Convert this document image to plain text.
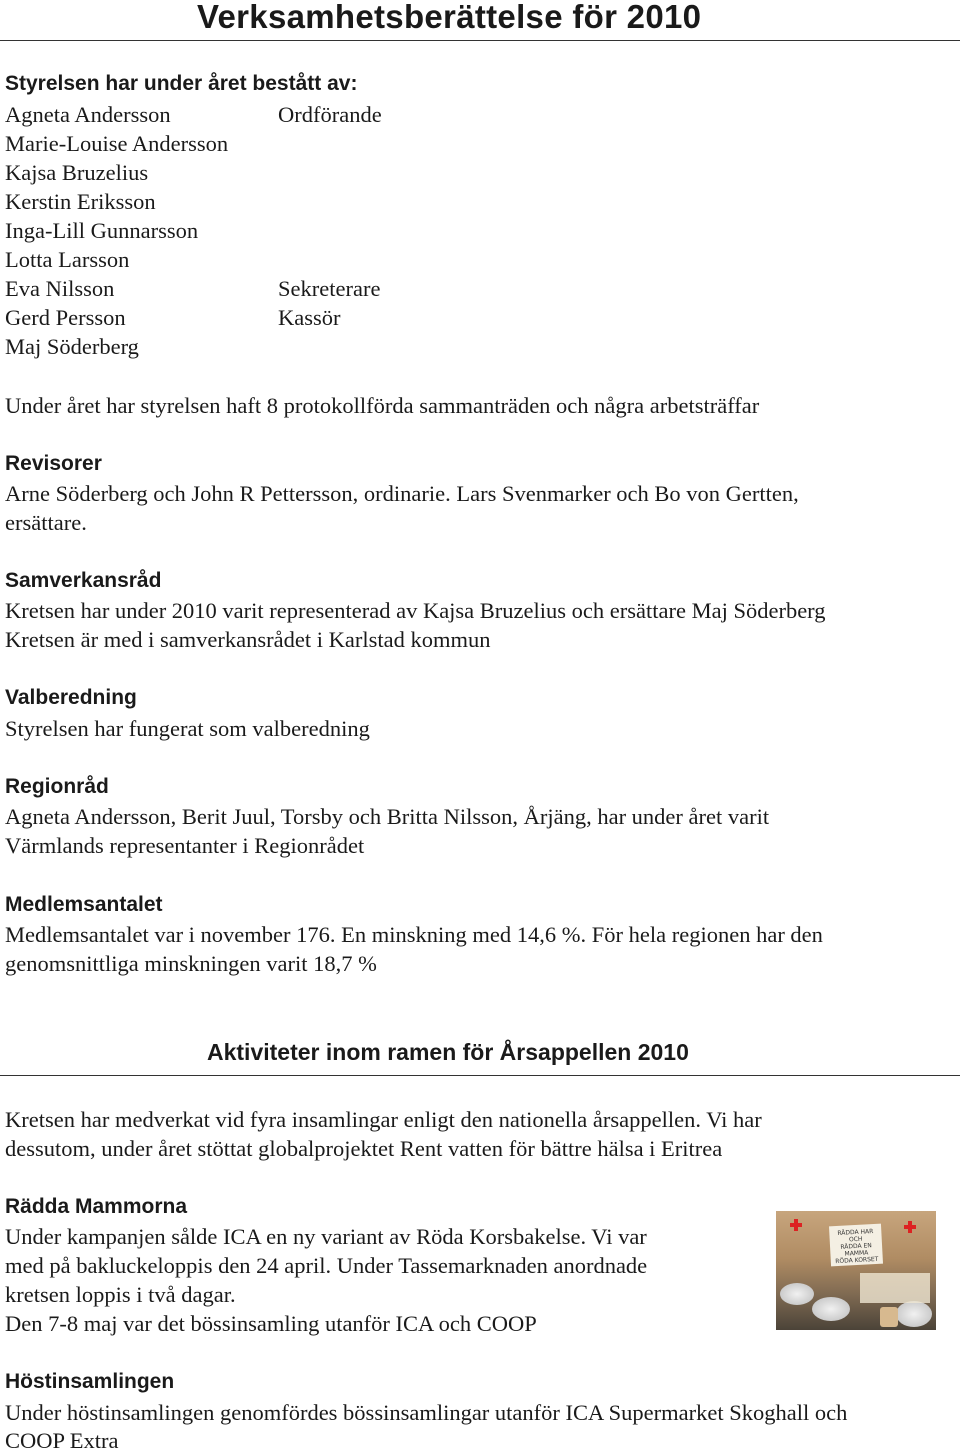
Verksamhetsberättelse för 2010
Styrelsen har under året bestått av:
Agneta Andersson	Ordförande
Marie-Louise Andersson
Kajsa Bruzelius
Kerstin Eriksson
Inga-Lill Gunnarsson
Lotta Larsson
Eva Nilsson	Sekreterare
Gerd Persson	Kassör
Maj Söderberg
Under året har styrelsen haft 8 protokollförda sammanträden och några arbetsträffar
Revisorer
Arne Söderberg och John R Pettersson, ordinarie. Lars Svenmarker och Bo von Gertten,
ersättare.
Samverkansråd
Kretsen har under 2010 varit representerad av Kajsa Bruzelius och ersättare Maj Söderberg
Kretsen är med i samverkansrådet i Karlstad kommun
Valberedning
Styrelsen har fungerat som valberedning
Regionråd
Agneta Andersson, Berit Juul, Torsby och Britta Nilsson, Årjäng, har under året varit
Värmlands representanter i Regionrådet
Medlemsantalet
Medlemsantalet var i november 176. En minskning med 14,6 %. För hela regionen har den
genomsnittliga minskningen varit 18,7 %
Aktiviteter inom ramen för Årsappellen 2010
Kretsen har medverkat vid fyra insamlingar enligt den nationella årsappellen. Vi har
dessutom, under året stöttat globalprojektet Rent vatten för bättre hälsa i Eritrea
Rädda Mammorna
Under kampanjen sålde ICA en ny variant av Röda Korsbakelse. Vi var
med på bakluckeloppis den 24 april. Under Tassemarknaden anordnade
kretsen loppis i två dagar.
Den 7-8 maj var det bössinsamling utanför ICA och COOP
RÄDDA HAR
OCH
RÄDDA EN
MAMMA
RÖDA KORSET
Höstinsamlingen
Under höstinsamlingen genomfördes bössinsamlingar utanför ICA Supermarket Skoghall och
COOP Extra
